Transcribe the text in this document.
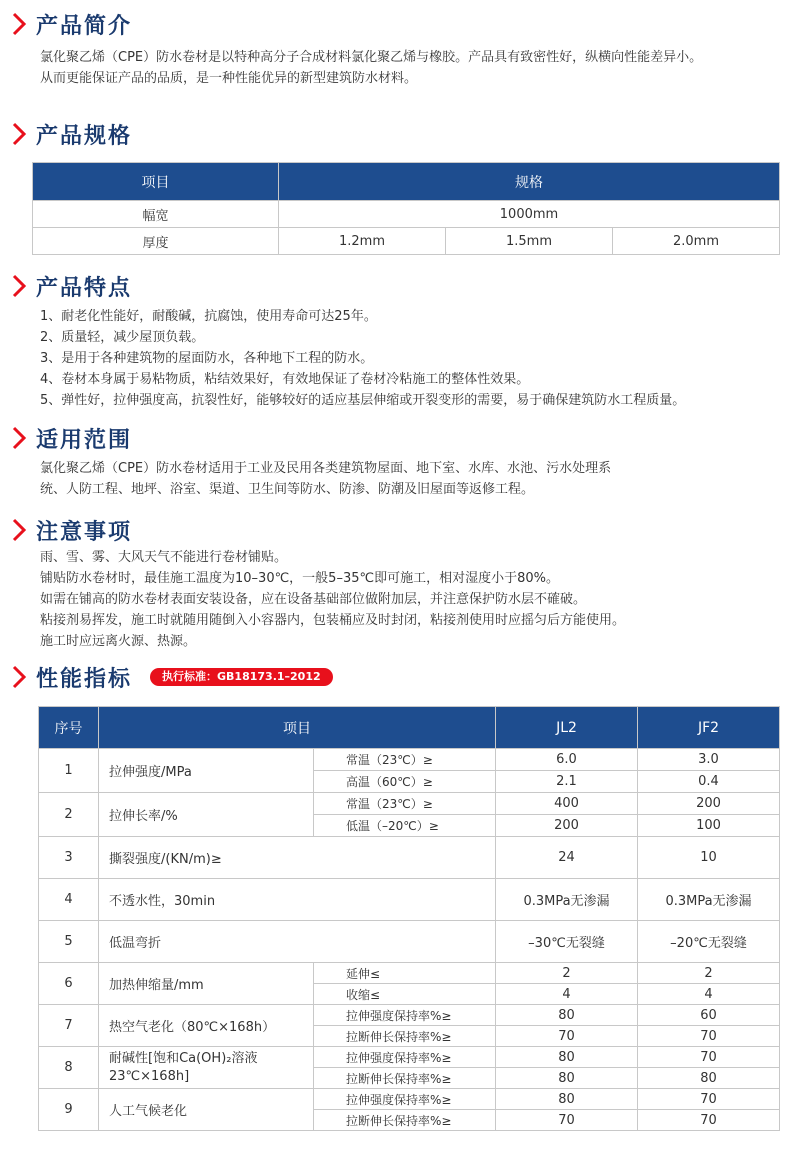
产品简介
氯化聚乙烯（CPE）防水卷材是以特种高分子合成材料氯化聚乙烯与橡胶。产品具有致密性好，纵横向性能差异小。
从而更能保证产品的品质，是一种性能优异的新型建筑防水材料。
产品规格
项目	规格		
幅宽	1000mm		
厚度	1.2mm	1.5mm	2.0mm
产品特点
1、耐老化性能好，耐酸碱，抗腐蚀，使用寿命可达25年。
2、质量轻，减少屋顶负载。
3、是用于各种建筑物的屋面防水，各种地下工程的防水。
4、卷材本身属于易粘物质，粘结效果好，有效地保证了卷材冷粘施工的整体性效果。
5、弹性好，拉伸强度高，抗裂性好，能够较好的适应基层伸缩或开裂变形的需要，易于确保建筑防水工程质量。
适用范围
氯化聚乙烯（CPE）防水卷材适用于工业及民用各类建筑物屋面、地下室、水库、水池、污水处理系
统、人防工程、地坪、浴室、渠道、卫生间等防水、防渗、防潮及旧屋面等返修工程。
注意事项
雨、雪、雾、大风天气不能进行卷材铺贴。
铺贴防水卷材时，最佳施工温度为10–30℃，一般5–35℃即可施工，相对湿度小于80%。
如需在铺高的防水卷材表面安装设备，应在设备基础部位做附加层，并注意保护防水层不確破。
粘接剂易挥发，施工时就随用随倒入小容器内，包装桶应及时封闭，粘接剂使用时应摇匀后方能使用。
施工时应远离火源、热源。
性能指标	执行标准：GB18173.1–2012
序号	项目		JL2	JF2
1	拉伸强度/MPa	常温（23℃）≥	6.0	3.0
		高温（60℃）≥	2.1	0.4
2	拉伸长率/%	常温（23℃）≥	400	200
		低温（–20℃）≥	200	100
3	撕裂强度/(KN/m)≥		24	10
4	不透水性，30min		0.3MPa无渗漏	0.3MPa无渗漏
5	低温弯折		–30℃无裂缝	–20℃无裂缝
6	加热伸缩量/mm	延伸≤	2	2
		收缩≤	4	4
7	热空气老化（80℃×168h）	拉伸强度保持率%≥	80	60
		拉断伸长保持率%≥	70	70
8	耐碱性[饱和Ca(OH)₂溶液
23℃×168h]	拉伸强度保持率%≥	80	70
		拉断伸长保持率%≥	80	80
9	人工气候老化	拉伸强度保持率%≥	80	70
		拉断伸长保持率%≥	70	70
